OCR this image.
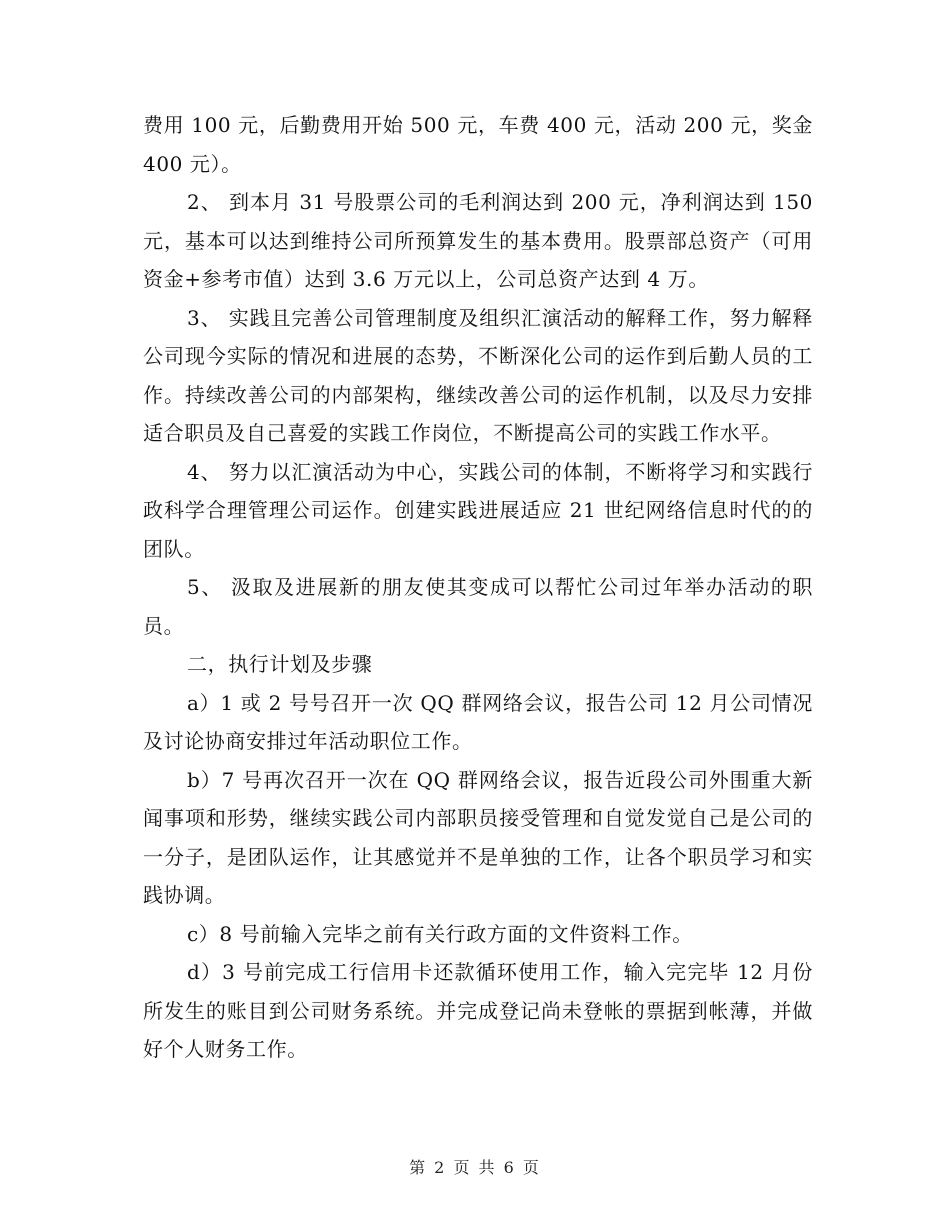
费用 100 元，后勤费用开始 500 元，车费 400 元，活动 200 元，奖金 400 元）。

2、 到本月 31 号股票公司的毛利润达到 200 元，净利润达到 150 元，基本可以达到维持公司所预算发生的基本费用。股票部总资产（可用资金+参考市值）达到 3.6 万元以上，公司总资产达到 4 万。

3、 实践且完善公司管理制度及组织汇演活动的解释工作，努力解释公司现今实际的情况和进展的态势，不断深化公司的运作到后勤人员的工作。持续改善公司的内部架构，继续改善公司的运作机制，以及尽力安排适合职员及自己喜爱的实践工作岗位，不断提高公司的实践工作水平。

4、 努力以汇演活动为中心，实践公司的体制，不断将学习和实践行政科学合理管理公司运作。创建实践进展适应 21 世纪网络信息时代的的团队。

5、 汲取及进展新的朋友使其变成可以帮忙公司过年举办活动的职员。

二，执行计划及步骤

a）1 或 2 号号召开一次 QQ 群网络会议，报告公司 12 月公司情况及讨论协商安排过年活动职位工作。

b）7 号再次召开一次在 QQ 群网络会议，报告近段公司外围重大新闻事项和形势，继续实践公司内部职员接受管理和自觉发觉自己是公司的一分子，是团队运作，让其感觉并不是单独的工作，让各个职员学习和实践协调。

c）8 号前输入完毕之前有关行政方面的文件资料工作。

d）3 号前完成工行信用卡还款循环使用工作，输入完完毕 12 月份所发生的账目到公司财务系统。并完成登记尚未登帐的票据到帐薄，并做好个人财务工作。

第 2 页 共 6 页
